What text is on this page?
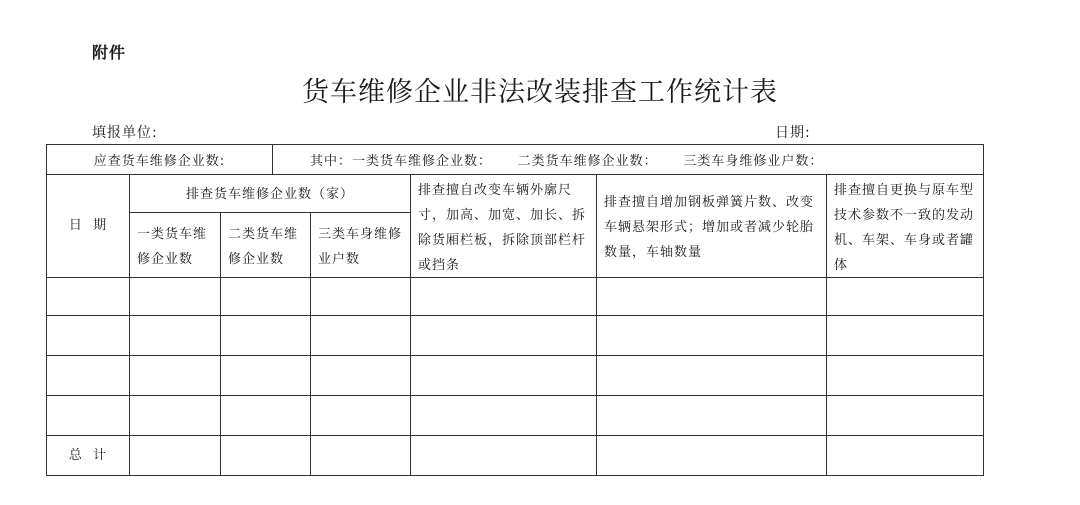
附件
货车维修企业非法改装排查工作统计表
填报单位:	日期:
应查货车维修企业数:	其中：一类货车维修企业数：     二类货车维修企业数：     三类车身维修业户数：
日  期
排查货车维修企业数（家）
一类货车维修企业数
二类货车维修企业数
三类车身维修业户数
排查擅自改变车辆外廓尺寸，加高、加宽、加长、拆除货厢栏板，拆除顶部栏杆或挡条
排查擅自增加钢板弹簧片数、改变车辆悬架形式；增加或者减少轮胎数量，车轴数量
排查擅自更换与原车型技术参数不一致的发动机、车架、车身或者罐体
总  计
